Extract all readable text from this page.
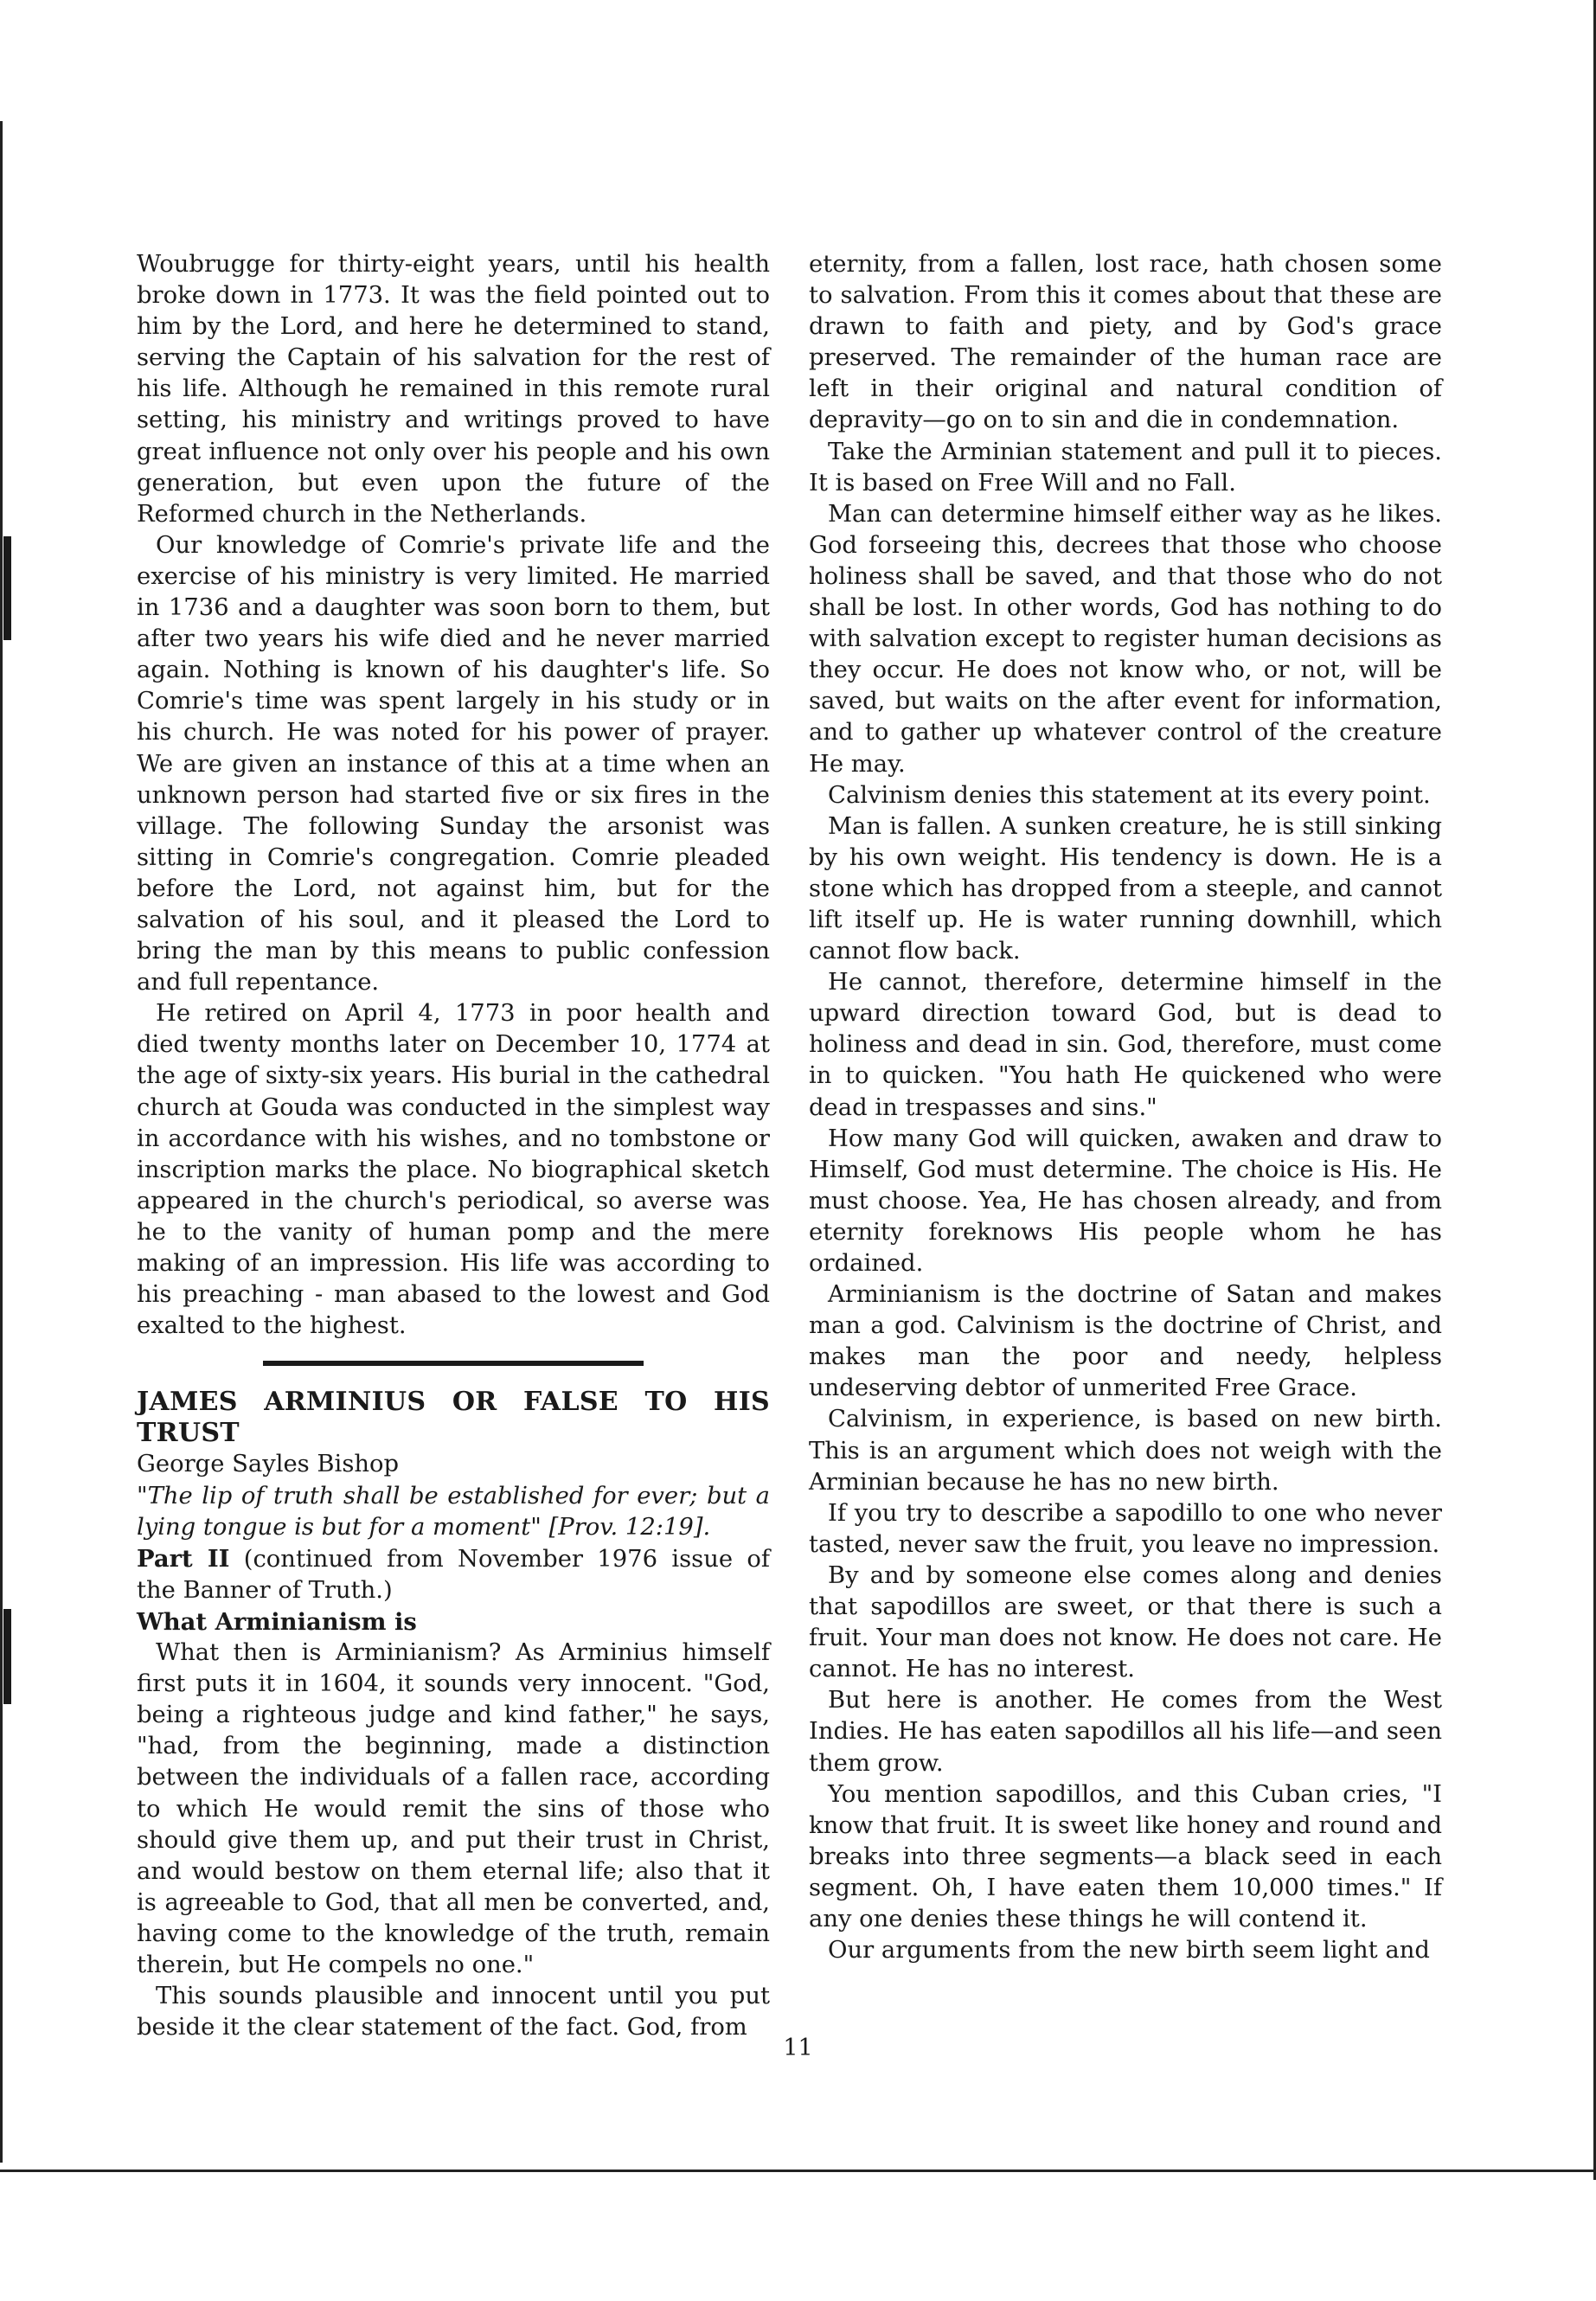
Woubrugge for thirty-eight years, until his health broke down in 1773. It was the field pointed out to him by the Lord, and here he determined to stand, serving the Captain of his salvation for the rest of his life. Although he remained in this remote rural setting, his ministry and writings proved to have great influence not only over his people and his own generation, but even upon the future of the Reformed church in the Netherlands.

Our knowledge of Comrie's private life and the exercise of his ministry is very limited. He married in 1736 and a daughter was soon born to them, but after two years his wife died and he never married again. Nothing is known of his daughter's life. So Comrie's time was spent largely in his study or in his church. He was noted for his power of prayer. We are given an instance of this at a time when an unknown person had started five or six fires in the village. The following Sunday the arsonist was sitting in Comrie's congregation. Comrie pleaded before the Lord, not against him, but for the salvation of his soul, and it pleased the Lord to bring the man by this means to public confession and full repentance.

He retired on April 4, 1773 in poor health and died twenty months later on December 10, 1774 at the age of sixty-six years. His burial in the cathedral church at Gouda was conducted in the simplest way in accordance with his wishes, and no tombstone or inscription marks the place. No biographical sketch appeared in the church's periodical, so averse was he to the vanity of human pomp and the mere making of an impression. His life was according to his preaching - man abased to the lowest and God exalted to the highest.

JAMES ARMINIUS OR FALSE TO HIS TRUST

George Sayles Bishop

"The lip of truth shall be established for ever; but a lying tongue is but for a moment" [Prov. 12:19].

Part II (continued from November 1976 issue of the Banner of Truth.)

What Arminianism is

What then is Arminianism? As Arminius himself first puts it in 1604, it sounds very innocent. "God, being a righteous judge and kind father," he says, "had, from the beginning, made a distinction between the individuals of a fallen race, according to which He would remit the sins of those who should give them up, and put their trust in Christ, and would bestow on them eternal life; also that it is agreeable to God, that all men be converted, and, having come to the knowledge of the truth, remain therein, but He compels no one."

This sounds plausible and innocent until you put beside it the clear statement of the fact. God, from

eternity, from a fallen, lost race, hath chosen some to salvation. From this it comes about that these are drawn to faith and piety, and by God's grace preserved. The remainder of the human race are left in their original and natural condition of depravity—go on to sin and die in condemnation.

Take the Arminian statement and pull it to pieces. It is based on Free Will and no Fall.

Man can determine himself either way as he likes. God forseeing this, decrees that those who choose holiness shall be saved, and that those who do not shall be lost. In other words, God has nothing to do with salvation except to register human decisions as they occur. He does not know who, or not, will be saved, but waits on the after event for information, and to gather up whatever control of the creature He may.

Calvinism denies this statement at its every point.

Man is fallen. A sunken creature, he is still sinking by his own weight. His tendency is down. He is a stone which has dropped from a steeple, and cannot lift itself up. He is water running downhill, which cannot flow back.

He cannot, therefore, determine himself in the upward direction toward God, but is dead to holiness and dead in sin. God, therefore, must come in to quicken. "You hath He quickened who were dead in trespasses and sins."

How many God will quicken, awaken and draw to Himself, God must determine. The choice is His. He must choose. Yea, He has chosen already, and from eternity foreknows His people whom he has ordained.

Arminianism is the doctrine of Satan and makes man a god. Calvinism is the doctrine of Christ, and makes man the poor and needy, helpless undeserving debtor of unmerited Free Grace.

Calvinism, in experience, is based on new birth. This is an argument which does not weigh with the Arminian because he has no new birth.

If you try to describe a sapodillo to one who never tasted, never saw the fruit, you leave no impression.

By and by someone else comes along and denies that sapodillos are sweet, or that there is such a fruit. Your man does not know. He does not care. He cannot. He has no interest.

But here is another. He comes from the West Indies. He has eaten sapodillos all his life—and seen them grow.

You mention sapodillos, and this Cuban cries, "I know that fruit. It is sweet like honey and round and breaks into three segments—a black seed in each segment. Oh, I have eaten them 10,000 times." If any one denies these things he will contend it.

Our arguments from the new birth seem light and

11
